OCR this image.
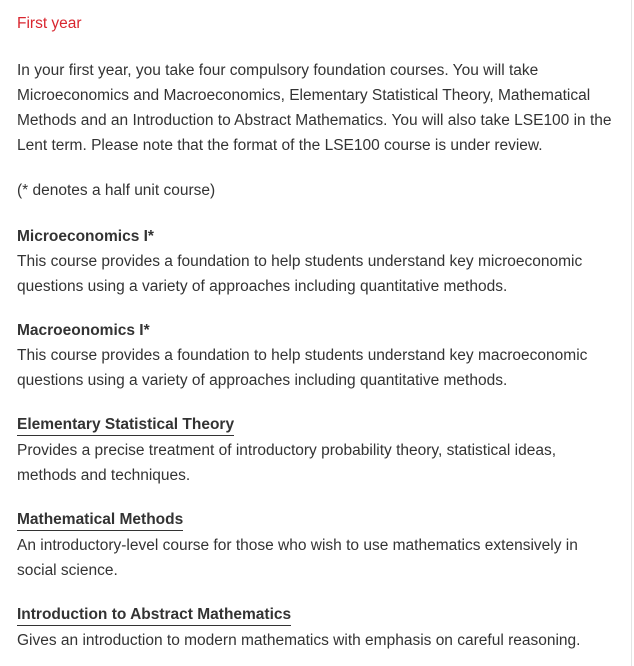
First year

In your first year, you take four compulsory foundation courses. You will take Microeconomics and Macroeconomics, Elementary Statistical Theory, Mathematical Methods and an Introduction to Abstract Mathematics. You will also take LSE100 in the Lent term. Please note that the format of the LSE100 course is under review.

(* denotes a half unit course)

Microeconomics I*

This course provides a foundation to help students understand key microeconomic questions using a variety of approaches including quantitative methods.

Macroeonomics I*

This course provides a foundation to help students understand key macroeconomic questions using a variety of approaches including quantitative methods.

Elementary Statistical Theory

Provides a precise treatment of introductory probability theory, statistical ideas, methods and techniques.

Mathematical Methods

An introductory-level course for those who wish to use mathematics extensively in social science.

Introduction to Abstract Mathematics

Gives an introduction to modern mathematics with emphasis on careful reasoning.
